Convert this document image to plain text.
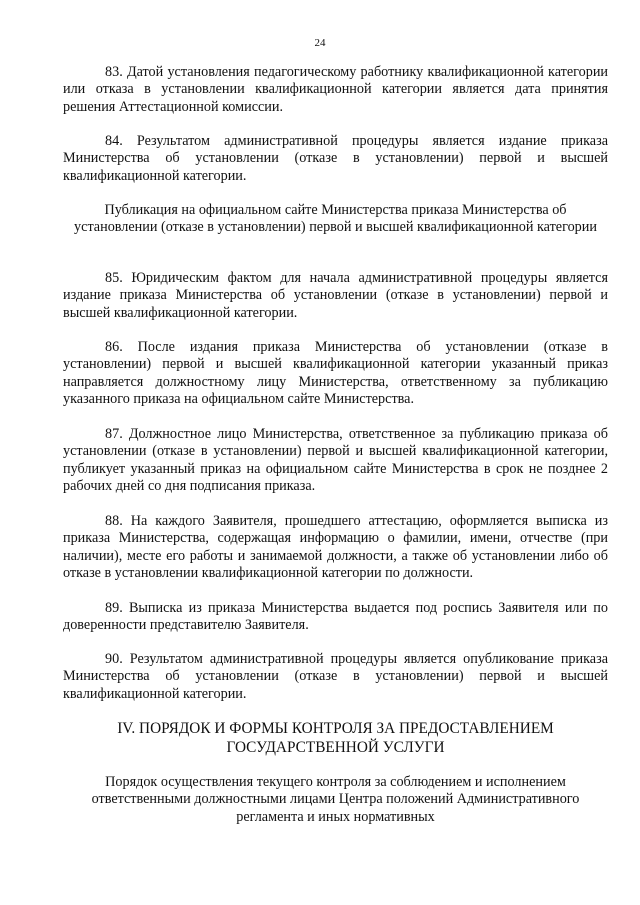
24

83. Датой установления педагогическому работнику квалификационной категории или отказа в установлении квалификационной категории является дата принятия решения Аттестационной комиссии.

84. Результатом административной процедуры является издание приказа Министерства об установлении (отказе в установлении) первой и высшей квалификационной категории.

Публикация на официальном сайте Министерства приказа Министерства об установлении (отказе в установлении) первой и высшей квалификационной категории

85. Юридическим фактом для начала административной процедуры является издание приказа Министерства об установлении (отказе в установлении) первой и высшей квалификационной категории.

86. После издания приказа Министерства об установлении (отказе в установлении) первой и высшей квалификационной категории указанный приказ направляется должностному лицу Министерства, ответственному за публикацию указанного приказа на официальном сайте Министерства.

87. Должностное лицо Министерства, ответственное за публикацию приказа об установлении (отказе в установлении) первой и высшей квалификационной категории, публикует указанный приказ на официальном сайте Министерства в срок не позднее 2 рабочих дней со дня подписания приказа.

88. На каждого Заявителя, прошедшего аттестацию, оформляется выписка из приказа Министерства, содержащая информацию о фамилии, имени, отчестве (при наличии), месте его работы и занимаемой должности, а также об установлении либо об отказе в установлении квалификационной категории по должности.

89. Выписка из приказа Министерства выдается под роспись Заявителя или по доверенности представителю Заявителя.

90. Результатом административной процедуры является опубликование приказа Министерства об установлении (отказе в установлении) первой и высшей квалификационной категории.

IV. ПОРЯДОК И ФОРМЫ КОНТРОЛЯ ЗА ПРЕДОСТАВЛЕНИЕМ ГОСУДАРСТВЕННОЙ УСЛУГИ

Порядок осуществления текущего контроля за соблюдением и исполнением ответственными должностными лицами Центра положений Административного регламента и иных нормативных
